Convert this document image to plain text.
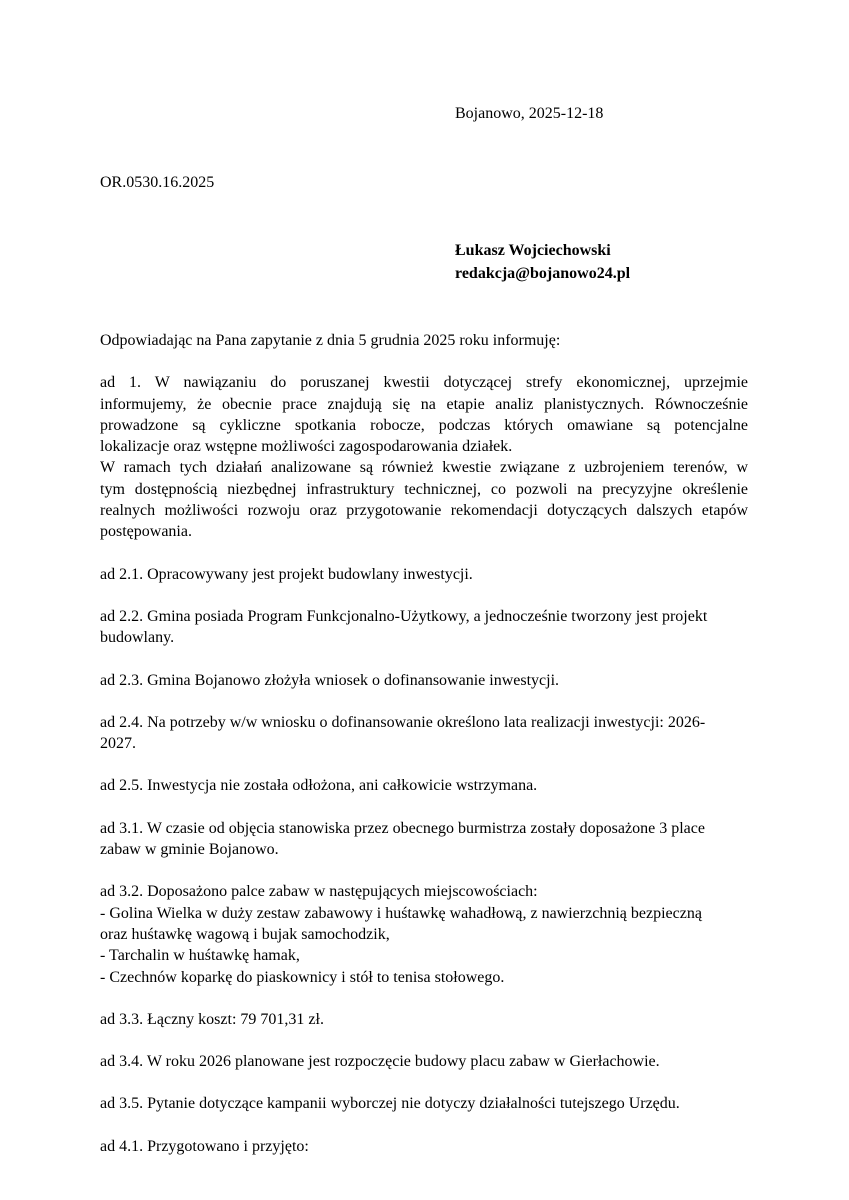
Bojanowo, 2025-12-18
OR.0530.16.2025
Łukasz Wojciechowski
redakcja@bojanowo24.pl

Odpowiadając na Pana zapytanie z dnia 5 grudnia 2025 roku informuję:

ad 1. W nawiązaniu do poruszanej kwestii dotyczącej strefy ekonomicznej, uprzejmie
informujemy, że obecnie prace znajdują się na etapie analiz planistycznych. Równocześnie
prowadzone są cykliczne spotkania robocze, podczas których omawiane są potencjalne
lokalizacje oraz wstępne możliwości zagospodarowania działek.
W ramach tych działań analizowane są również kwestie związane z uzbrojeniem terenów, w
tym dostępnością niezbędnej infrastruktury technicznej, co pozwoli na precyzyjne określenie
realnych możliwości rozwoju oraz przygotowanie rekomendacji dotyczących dalszych etapów
postępowania.

ad 2.1. Opracowywany jest projekt budowlany inwestycji.

ad 2.2. Gmina posiada Program Funkcjonalno-Użytkowy, a jednocześnie tworzony jest projekt
budowlany.

ad 2.3. Gmina Bojanowo złożyła wniosek o dofinansowanie inwestycji.

ad 2.4. Na potrzeby w/w wniosku o dofinansowanie określono lata realizacji inwestycji: 2026-
2027.

ad 2.5. Inwestycja nie została odłożona, ani całkowicie wstrzymana.

ad 3.1. W czasie od objęcia stanowiska przez obecnego burmistrza zostały doposażone 3 place
zabaw w gminie Bojanowo.
ad 3.2. Doposażono palce zabaw w następujących miejscowościach:
- Golina Wielka w duży zestaw zabawowy i huśtawkę wahadłową, z nawierzchnią bezpieczną
oraz huśtawkę wagową i bujak samochodzik,
- Tarchalin w huśtawkę hamak,
- Czechnów koparkę do piaskownicy i stół to tenisa stołowego.

ad 3.3. Łączny koszt: 79 701,31 zł.

ad 3.4. W roku 2026 planowane jest rozpoczęcie budowy placu zabaw w Gierłachowie.

ad 3.5. Pytanie dotyczące kampanii wyborczej nie dotyczy działalności tutejszego Urzędu.

ad 4.1. Przygotowano i przyjęto:
